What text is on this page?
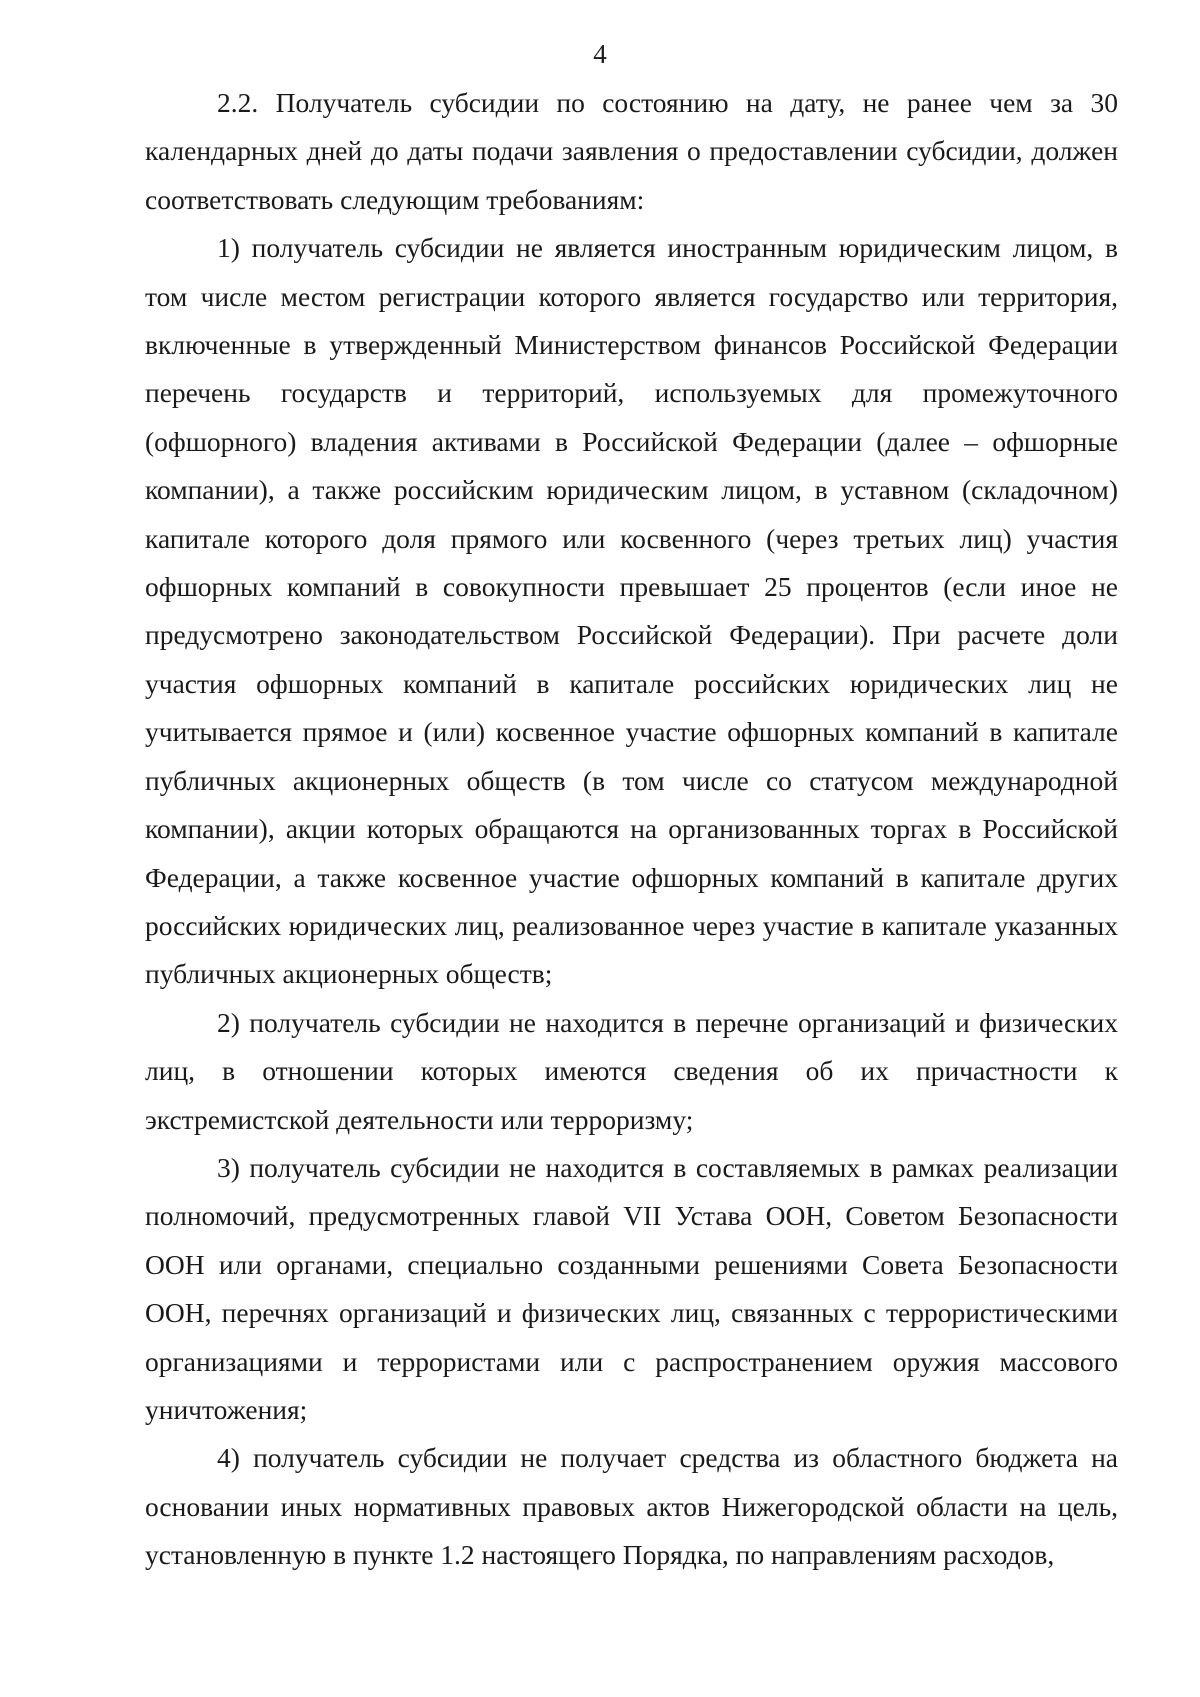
4

2.2. Получатель субсидии по состоянию на дату, не ранее чем за 30 календарных дней до даты подачи заявления о предоставлении субсидии, должен соответствовать следующим требованиям:

1) получатель субсидии не является иностранным юридическим лицом, в том числе местом регистрации которого является государство или территория, включенные в утвержденный Министерством финансов Российской Федерации перечень государств и территорий, используемых для промежуточного (офшорного) владения активами в Российской Федерации (далее – офшорные компании), а также российским юридическим лицом, в уставном (складочном) капитале которого доля прямого или косвенного (через третьих лиц) участия офшорных компаний в совокупности превышает 25 процентов (если иное не предусмотрено законодательством Российской Федерации). При расчете доли участия офшорных компаний в капитале российских юридических лиц не учитывается прямое и (или) косвенное участие офшорных компаний в капитале публичных акционерных обществ (в том числе со статусом международной компании), акции которых обращаются на организованных торгах в Российской Федерации, а также косвенное участие офшорных компаний в капитале других российских юридических лиц, реализованное через участие в капитале указанных публичных акционерных обществ;

2) получатель субсидии не находится в перечне организаций и физических лиц, в отношении которых имеются сведения об их причастности к экстремистской деятельности или терроризму;

3) получатель субсидии не находится в составляемых в рамках реализации полномочий, предусмотренных главой VII Устава ООН, Советом Безопасности ООН или органами, специально созданными решениями Совета Безопасности ООН, перечнях организаций и физических лиц, связанных с террористическими организациями и террористами или с распространением оружия массового уничтожения;

4) получатель субсидии не получает средства из областного бюджета на основании иных нормативных правовых актов Нижегородской области на цель, установленную в пункте 1.2 настоящего Порядка, по направлениям расходов,
